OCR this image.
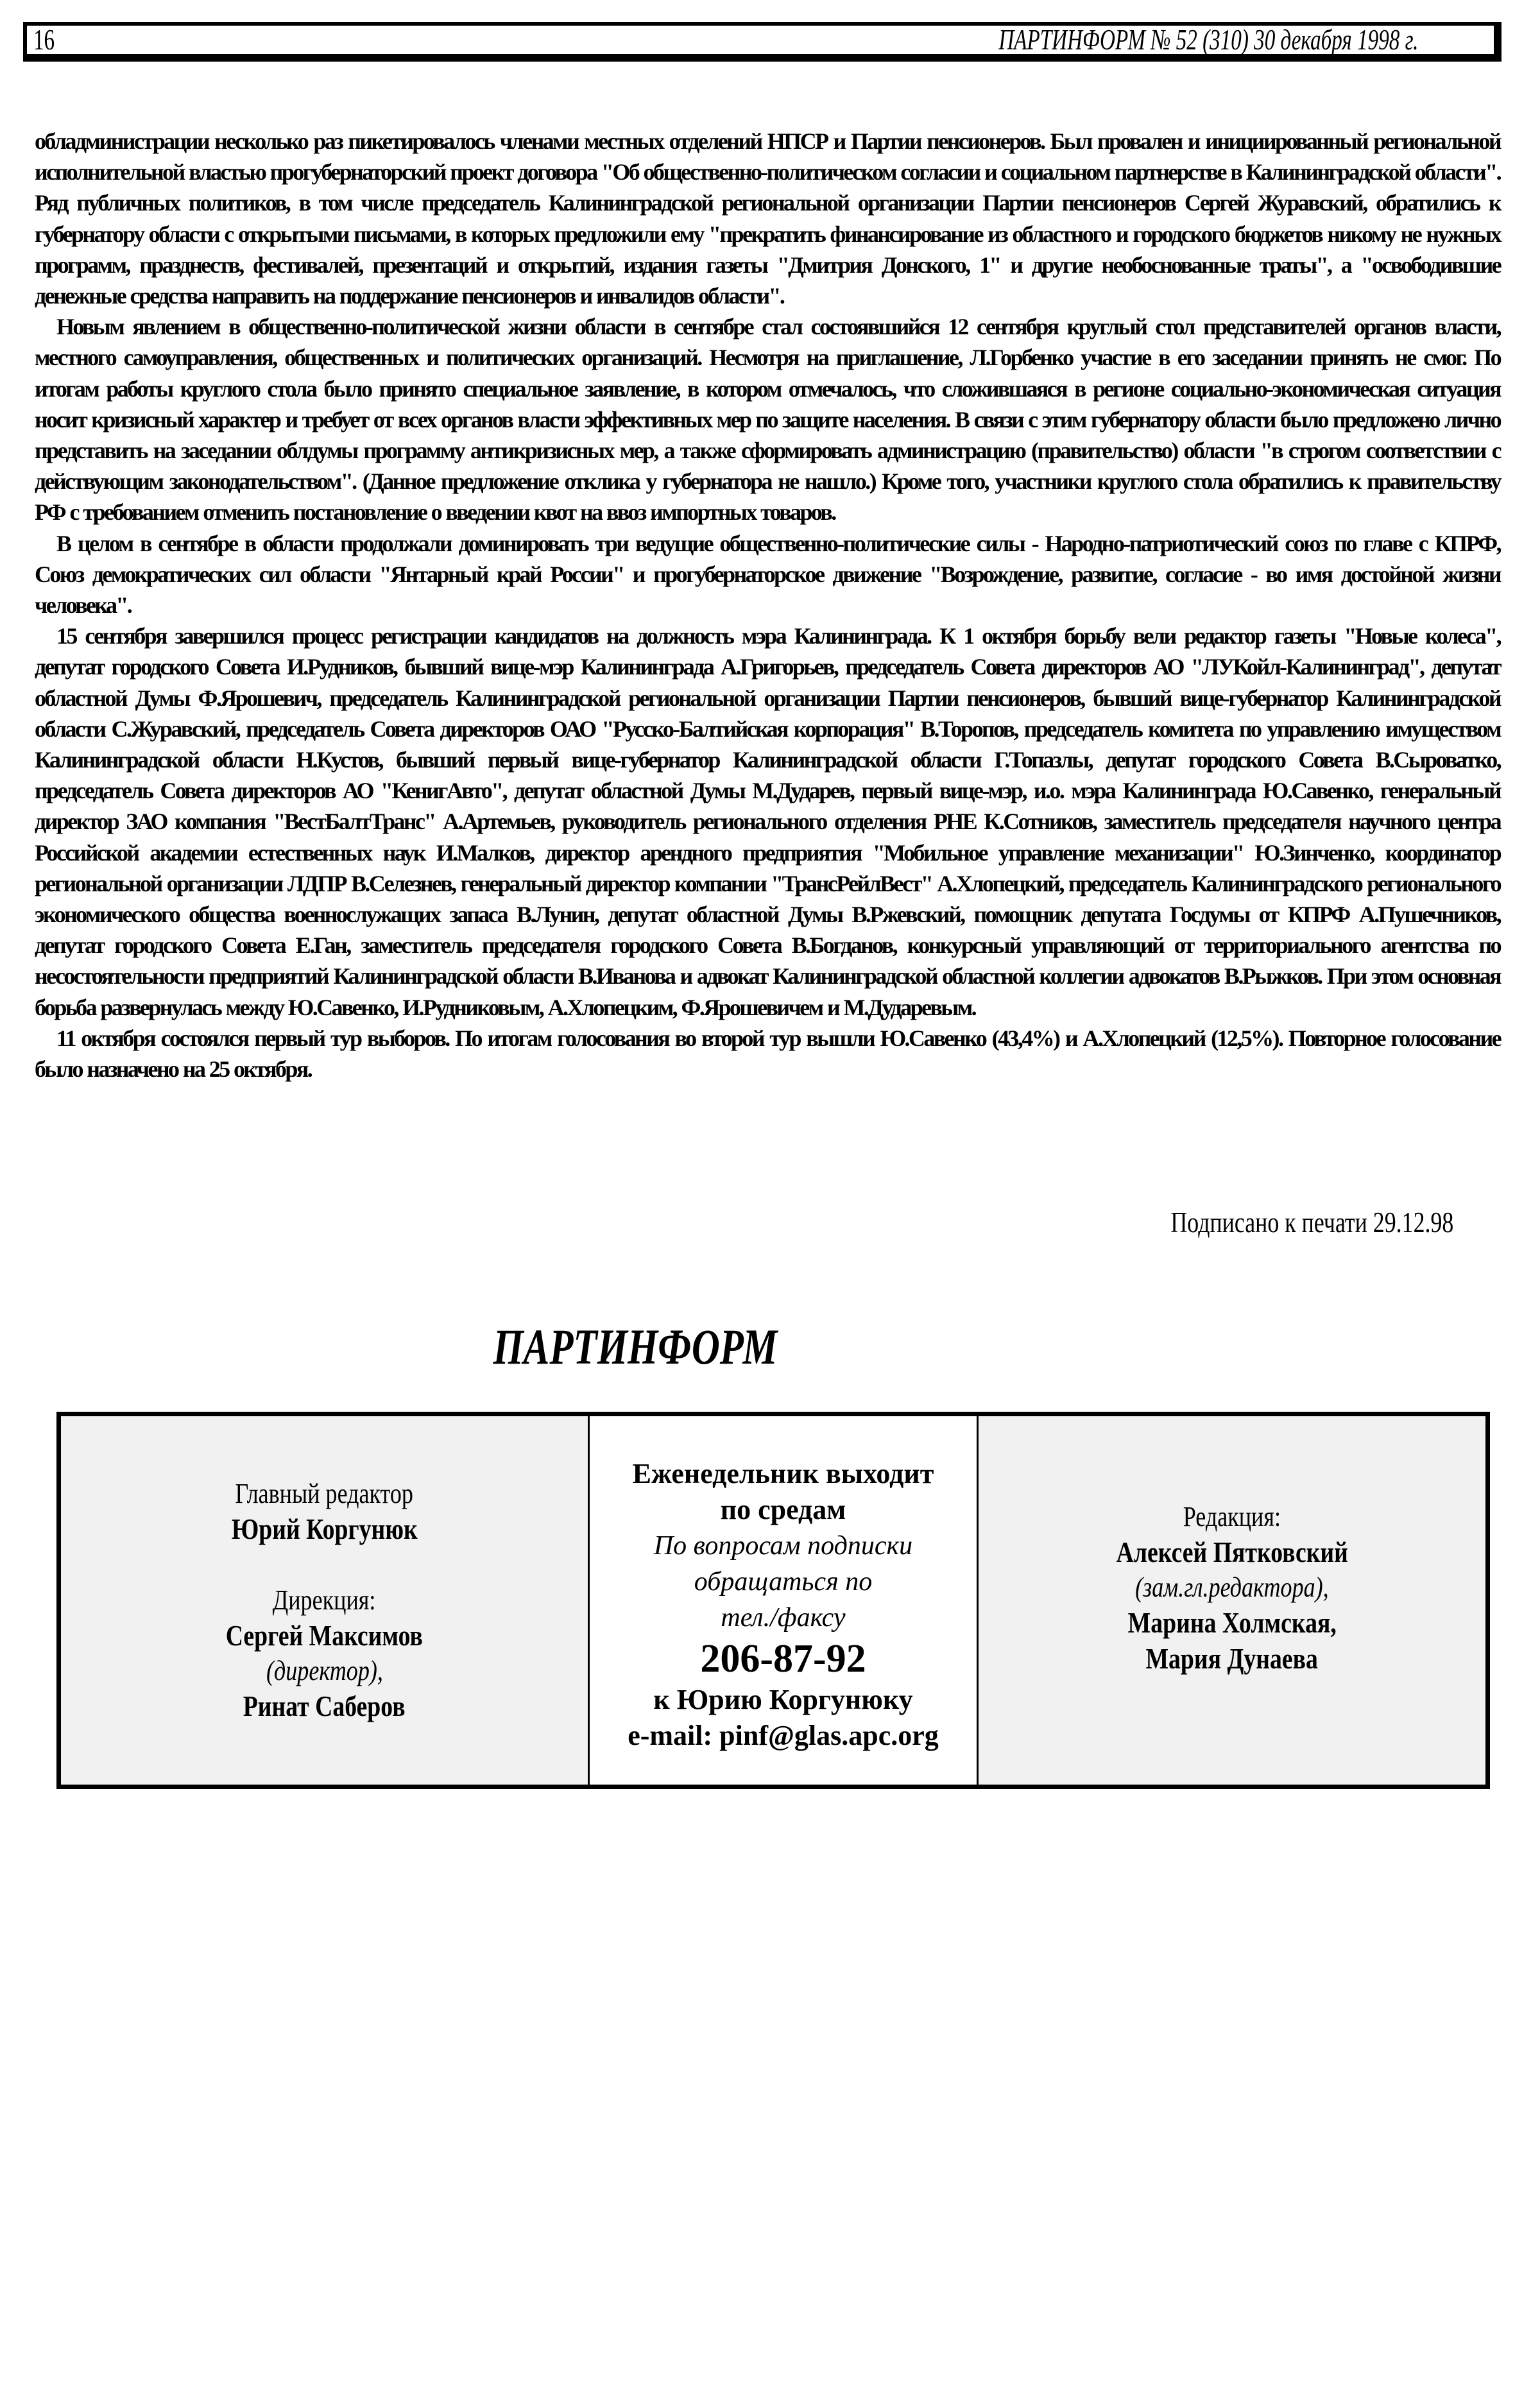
16	ПАРТИНФОРМ № 52 (310) 30 декабря 1998 г.

обладминистрации несколько раз пикетировалось членами местных отделений НПСР и Партии пенсионеров. Был провален и инициированный региональной исполнительной властью прогубернаторский проект договора "Об общественно-политическом согласии и социальном партнерстве в Калининградской области". Ряд публичных политиков, в том числе председатель Калининградской региональной организации Партии пенсионеров Сергей Журавский, обратились к губернатору области с открытыми письмами, в которых предложили ему "прекратить финансирование из областного и городского бюджетов никому не нужных программ, празднеств, фестивалей, презентаций и открытий, издания газеты "Дмитрия Донского, 1" и другие необоснованные траты", а "освободившие денежные средства направить на поддержание пенсионеров и инвалидов области".

Новым явлением в общественно-политической жизни области в сентябре стал состоявшийся 12 сентября круглый стол представителей органов власти, местного самоуправления, общественных и политических организаций. Несмотря на приглашение, Л.Горбенко участие в его заседании принять не смог. По итогам работы круглого стола было принято специальное заявление, в котором отмечалось, что сложившаяся в регионе социально-экономическая ситуация носит кризисный характер и требует от всех органов власти эффективных мер по защите населения. В связи с этим губернатору области было предложено лично представить на заседании облдумы программу антикризисных мер, а также сформировать администрацию (правительство) области "в строгом соответствии с действующим законодательством". (Данное предложение отклика у губернатора не нашло.) Кроме того, участники круглого стола обратились к правительству РФ с требованием отменить постановление о введении квот на ввоз импортных товаров.

В целом в сентябре в области продолжали доминировать три ведущие общественно-политические силы - Народно-патриотический союз по главе с КПРФ, Союз демократических сил области "Янтарный край России" и прогубернаторское движение "Возрождение, развитие, согласие - во имя достойной жизни человека".

15 сентября завершился процесс регистрации кандидатов на должность мэра Калининграда. К 1 октября борьбу вели редактор газеты "Новые колеса", депутат городского Совета И.Рудников, бывший вице-мэр Калининграда А.Григорьев, председатель Совета директоров АО "ЛУКойл-Калининград", депутат областной Думы Ф.Ярошевич, председатель Калининградской региональной организации Партии пенсионеров, бывший вице-губернатор Калининградской области С.Журавский, председатель Совета директоров ОАО "Русско-Балтийская корпорация" В.Торопов, председатель комитета по управлению имуществом Калининградской области Н.Кустов, бывший первый вице-губернатор Калининградской области Г.Топазлы, депутат городского Совета В.Сыроватко, председатель Совета директоров АО "КенигАвто", депутат областной Думы М.Дударев, первый вице-мэр, и.о. мэра Калининграда Ю.Савенко, генеральный директор ЗАО компания "ВестБалтТранс" А.Артемьев, руководитель регионального отделения РНЕ К.Сотников, заместитель председателя научного центра Российской академии естественных наук И.Малков, директор арендного предприятия "Мобильное управление механизации" Ю.Зинченко, координатор региональной организации ЛДПР В.Селезнев, генеральный директор компании "ТрансРейлВест" А.Хлопецкий, председатель Калининградского регионального экономического общества военнослужащих запаса В.Лунин, депутат областной Думы В.Ржевский, помощник депутата Госдумы от КПРФ А.Пушечников, депутат городского Совета Е.Ган, заместитель председателя городского Совета В.Богданов, конкурсный управляющий от территориального агентства по несостоятельности предприятий Калининградской области В.Иванова и адвокат Калининградской областной коллегии адвокатов В.Рыжков. При этом основная борьба развернулась между Ю.Савенко, И.Рудниковым, А.Хлопецким, Ф.Ярошевичем и М.Дударевым.

11 октября состоялся первый тур выборов. По итогам голосования во второй тур вышли Ю.Савенко (43,4%) и А.Хлопецкий (12,5%). Повторное голосование было назначено на 25 октября.

Подписано к печати 29.12.98
ПАРТИНФОРМ
Главный редактор
Юрий Коргунюк
Дирекция:
Сергей Максимов
(директор),
Ринат Саберов
Еженедельник выходит
по средам
По вопросам подписки
обращаться по
тел./факсу
206-87-92
к Юрию Коргунюку
e-mail: pinf@glas.apc.org
Редакция:
Алексей Пятковский
(зам.гл.редактора),
Марина Холмская,
Мария Дунаева
